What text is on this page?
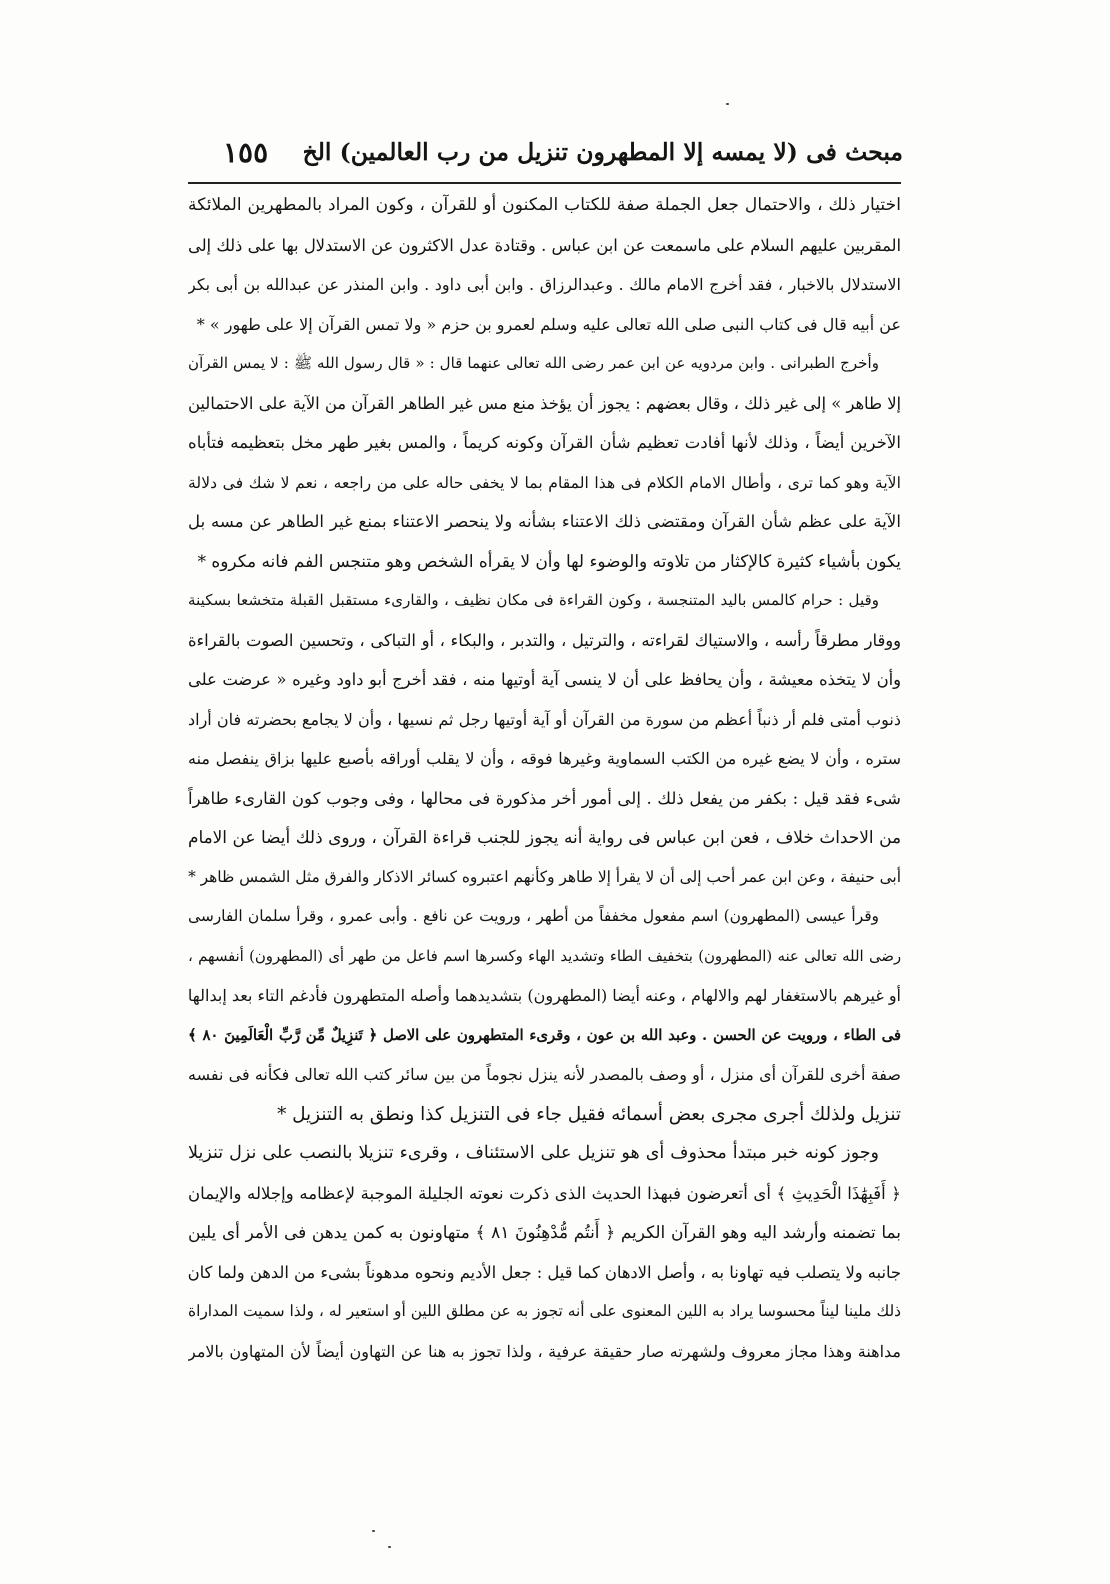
مبحث فى (لا يمسه إلا المطهرون تنزيل من رب العالمين) الخ
١٥٥
اختيار ذلك ، والاحتمال جعل الجملة صفة للكتاب المكنون أو للقرآن ، وكون المراد بالمطهرين الملائكة
المقربين عليهم السلام على ماسمعت عن ابن عباس . وقتادة عدل الاكثرون عن الاستدلال بها على ذلك إلى
الاستدلال بالاخبار ، فقد أخرج الامام مالك . وعبدالرزاق . وابن أبى داود . وابن المنذر عن عبدالله بن أبى بكر
عن أبيه قال فى كتاب النبى صلى الله تعالى عليه وسلم لعمرو بن حزم « ولا تمس القرآن إلا على طهور » *
وأخرج الطبرانى . وابن مردويه عن ابن عمر رضى الله تعالى عنهما قال : « قال رسول الله ﷺ : لا يمس القرآن
إلا طاهر » إلى غير ذلك ، وقال بعضهم : يجوز أن يؤخذ منع مس غير الطاهر القرآن من الآية على الاحتمالين
الآخرين أيضاً ، وذلك لأنها أفادت تعظيم شأن القرآن وكونه كريماً ، والمس بغير طهر مخل بتعظيمه فتأباه
الآية وهو كما ترى ، وأطال الامام الكلام فى هذا المقام بما لا يخفى حاله على من راجعه ، نعم لا شك فى دلالة
الآية على عظم شأن القرآن ومقتضى ذلك الاعتناء بشأنه ولا ينحصر الاعتناء بمنع غير الطاهر عن مسه بل
يكون بأشياء كثيرة كالإكثار من تلاوته والوضوء لها وأن لا يقرأه الشخص وهو متنجس الفم فانه مكروه *
وقيل : حرام كالمس باليد المتنجسة ، وكون القراءة فى مكان نظيف ، والقارىء مستقبل القبلة متخشعا بسكينة
ووقار مطرقاً رأسه ، والاستياك لقراءته ، والترتيل ، والتدبر ، والبكاء ، أو التباكى ، وتحسين الصوت بالقراءة
وأن لا يتخذه معيشة ، وأن يحافظ على أن لا ينسى آية أوتيها منه ، فقد أخرج أبو داود وغيره « عرضت على
ذنوب أمتى فلم أر ذنباً أعظم من سورة من القرآن أو آية أوتيها رجل ثم نسيها ، وأن لا يجامع بحضرته فان أراد
ستره ، وأن لا يضع غيره من الكتب السماوية وغيرها فوقه ، وأن لا يقلب أوراقه بأصبع عليها بزاق ينفصل منه
شىء فقد قيل : بكفر من يفعل ذلك . إلى أمور أخر مذكورة فى محالها ، وفى وجوب كون القارىء طاهراً
من الاحداث خلاف ، فعن ابن عباس فى رواية أنه يجوز للجنب قراءة القرآن ، وروى ذلك أيضا عن الامام
أبى حنيفة ، وعن ابن عمر أحب إلى أن لا يقرأ إلا طاهر وكأنهم اعتبروه كسائر الاذكار والفرق مثل الشمس ظاهر *
وقرأ عيسى (المطهرون) اسم مفعول مخففاً من أطهر ، ورويت عن نافع . وأبى عمرو ، وقرأ سلمان الفارسى
رضى الله تعالى عنه (المطهرون) بتخفيف الطاء وتشديد الهاء وكسرها اسم فاعل من طهر أى (المطهرون) أنفسهم ،
أو غيرهم بالاستغفار لهم والالهام ، وعنه أيضا (المطهرون) بتشديدهما وأصله المتطهرون فأدغم التاء بعد إبدالها
فى الطاء ، ورويت عن الحسن . وعبد الله بن عون ، وقرىء المتطهرون على الاصل ﴿ تَنزِيلٌ مِّن رَّبِّ الْعَالَمِينَ ٨٠ ﴾
صفة أخرى للقرآن أى منزل ، أو وصف بالمصدر لأنه ينزل نجوماً من بين سائر كتب الله تعالى فكأنه فى نفسه
تنزيل ولذلك أجرى مجرى بعض أسمائه فقيل جاء فى التنزيل كذا ونطق به التنزيل *
وجوز كونه خبر مبتدأ محذوف أى هو تنزيل على الاستئناف ، وقرىء تنزيلا بالنصب على نزل تنزيلا
﴿ أَفَبِهَٰذَا الْحَدِيثِ ﴾ أى أتعرضون فبهذا الحديث الذى ذكرت نعوته الجليلة الموجبة لإعظامه وإجلاله والإيمان
بما تضمنه وأرشد اليه وهو القرآن الكريم ﴿ أَنتُم مُّدْهِنُونَ ٨١ ﴾ متهاونون به كمن يدهن فى الأمر أى يلين
جانبه ولا يتصلب فيه تهاونا به ، وأصل الادهان كما قيل : جعل الأديم ونحوه مدهوناً بشىء من الدهن ولما كان
ذلك ملينا ليناً محسوسا يراد به اللين المعنوى على أنه تجوز به عن مطلق اللين أو استعير له ، ولذا سميت المداراة
مداهنة وهذا مجاز معروف ولشهرته صار حقيقة عرفية ، ولذا تجوز به هنا عن التهاون أيضاً لأن المتهاون بالامر
